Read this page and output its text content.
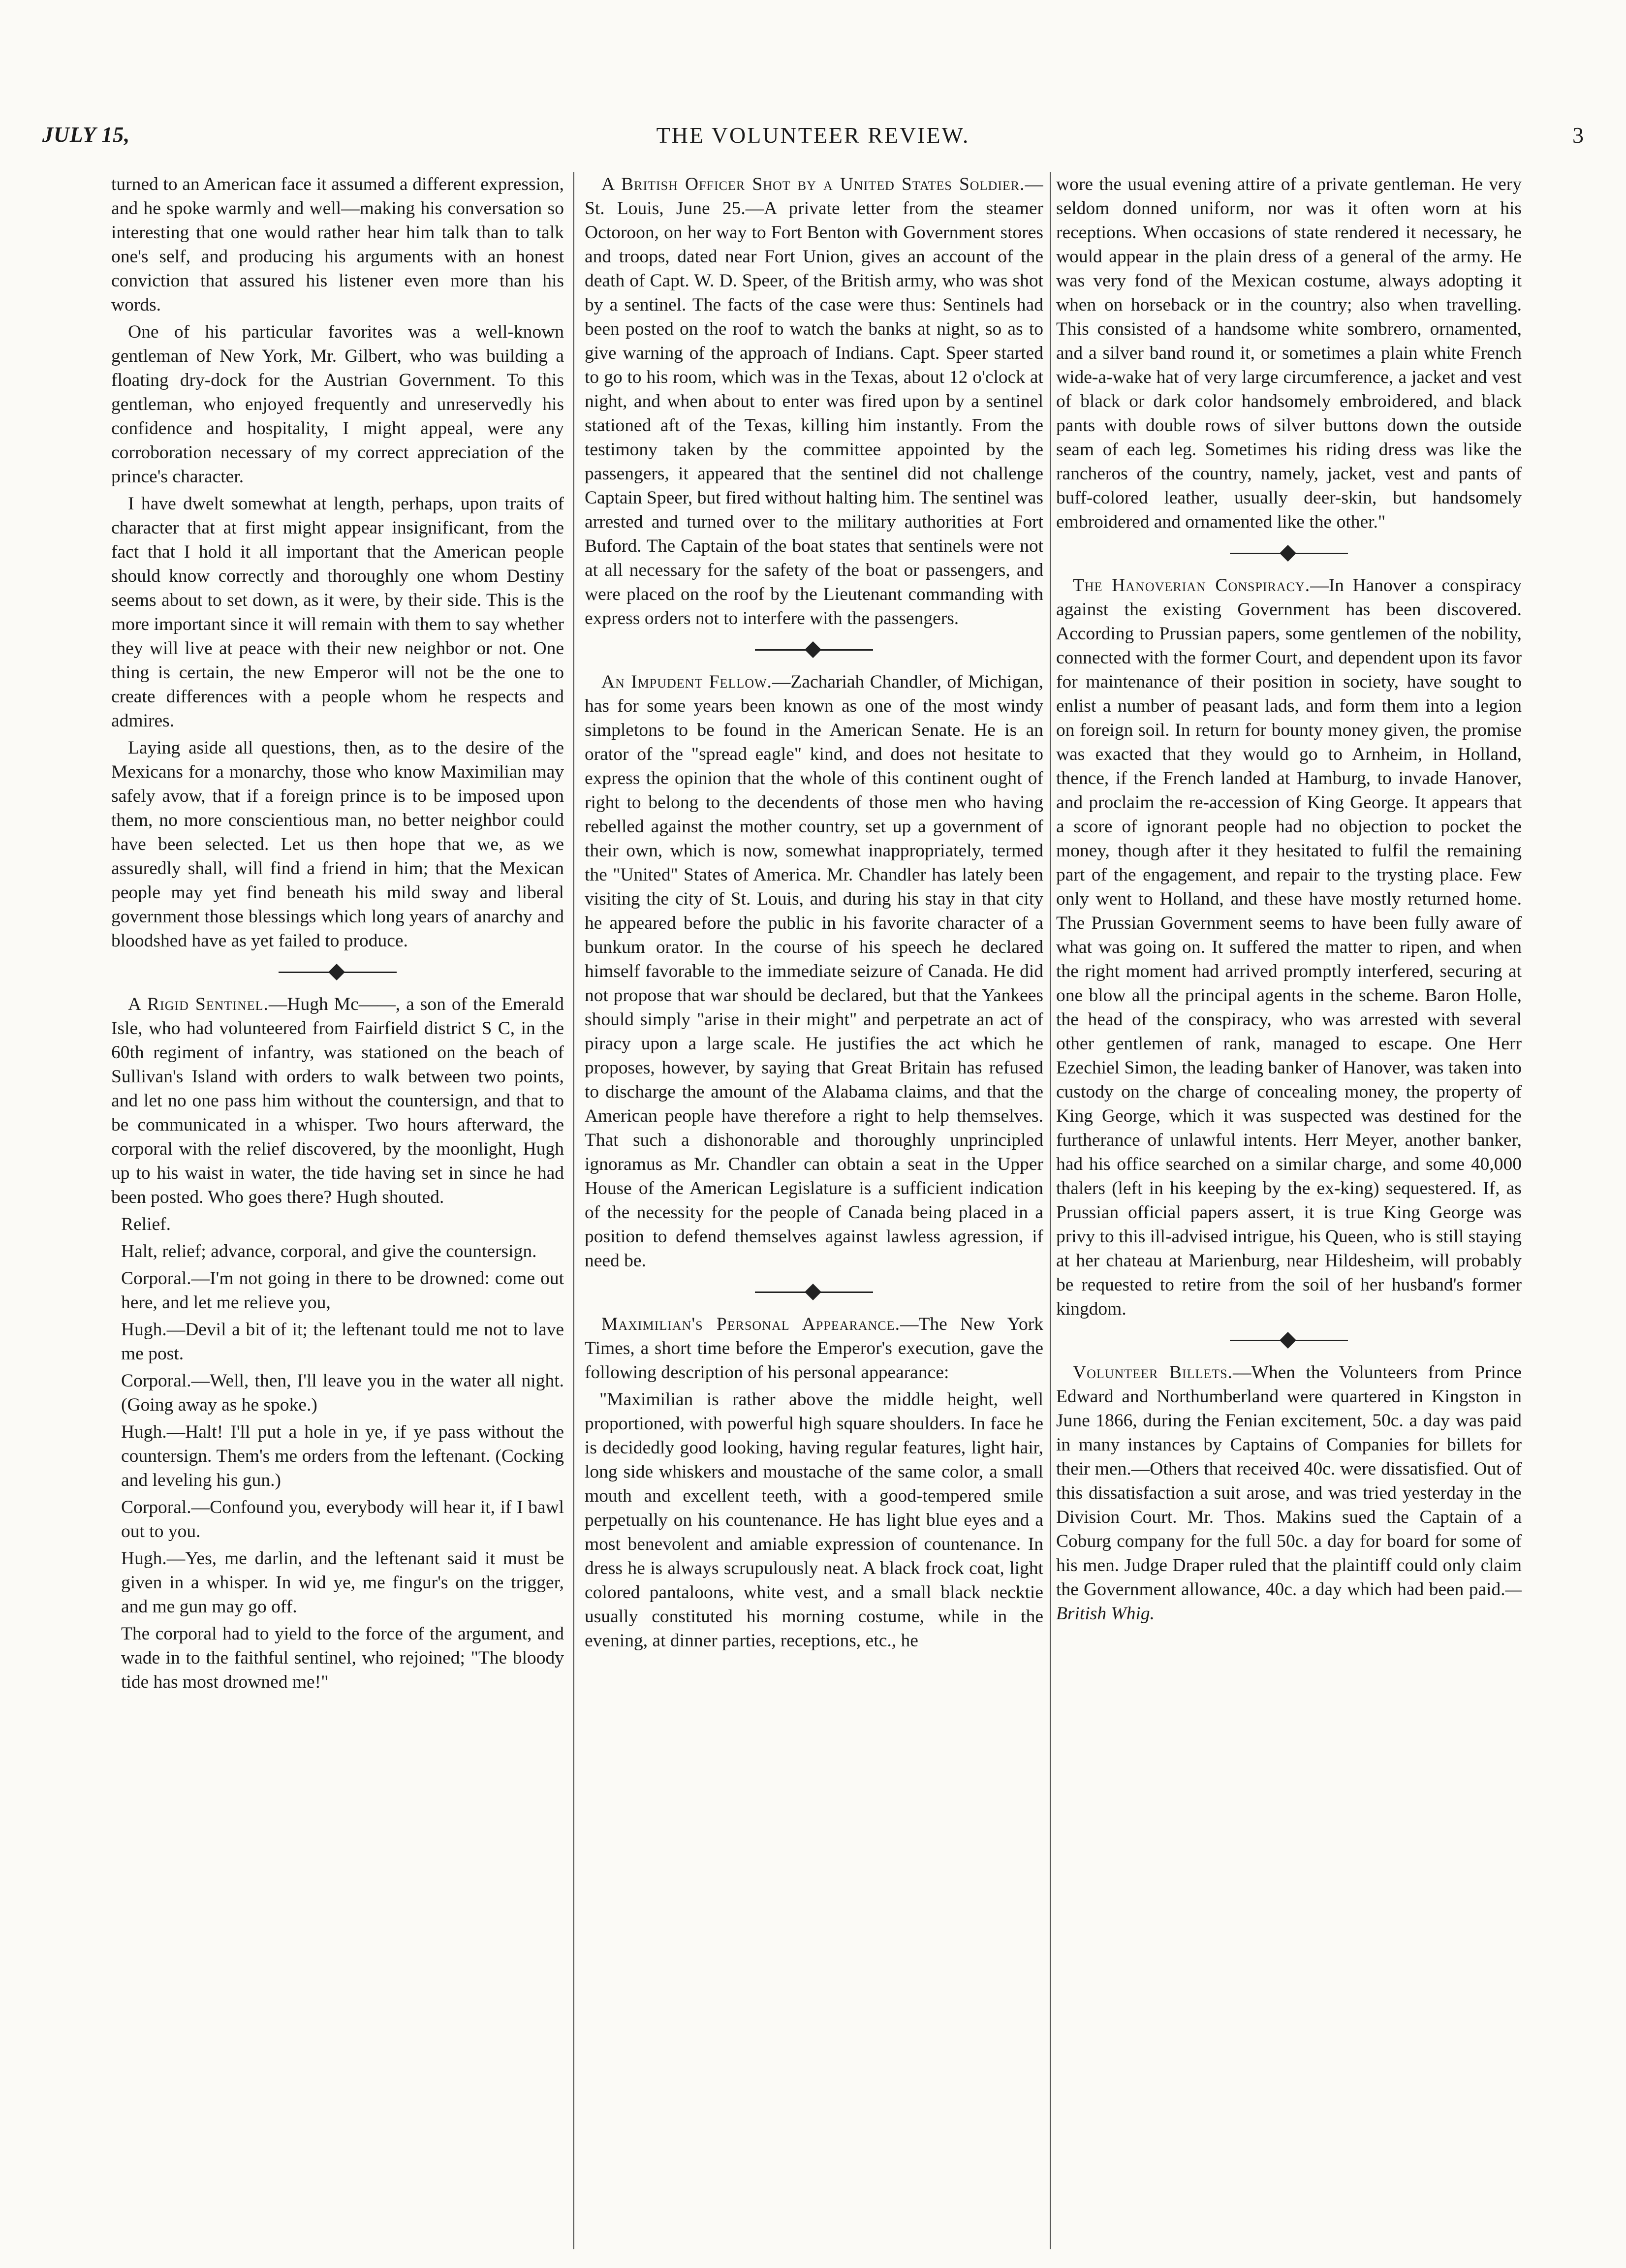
JULY 15,	THE VOLUNTEER REVIEW.	3

turned to an American face it assumed a different expression, and he spoke warmly and well—making his conversation so interesting that one would rather hear him talk than to talk one's self, and producing his arguments with an honest conviction that assured his listener even more than his words.

One of his particular favorites was a well-known gentleman of New York, Mr. Gilbert, who was building a floating dry-dock for the Austrian Government. To this gentleman, who enjoyed frequently and unreservedly his confidence and hospitality, I might appeal, were any corroboration necessary of my correct appreciation of the prince's character.

I have dwelt somewhat at length, perhaps, upon traits of character that at first might appear insignificant, from the fact that I hold it all important that the American people should know correctly and thoroughly one whom Destiny seems about to set down, as it were, by their side. This is the more important since it will remain with them to say whether they will live at peace with their new neighbor or not. One thing is certain, the new Emperor will not be the one to create differences with a people whom he respects and admires.

Laying aside all questions, then, as to the desire of the Mexicans for a monarchy, those who know Maximilian may safely avow, that if a foreign prince is to be imposed upon them, no more conscientious man, no better neighbor could have been selected. Let us then hope that we, as we assuredly shall, will find a friend in him; that the Mexican people may yet find beneath his mild sway and liberal government those blessings which long years of anarchy and bloodshed have as yet failed to produce.

A Rigid Sentinel.—Hugh Mc——, a son of the Emerald Isle, who had volunteered from Fairfield district S C, in the 60th regiment of infantry, was stationed on the beach of Sullivan's Island with orders to walk between two points, and let no one pass him without the countersign, and that to be communicated in a whisper. Two hours afterward, the corporal with the relief discovered, by the moonlight, Hugh up to his waist in water, the tide having set in since he had been posted. Who goes there? Hugh shouted.

Relief.

Halt, relief; advance, corporal, and give the countersign.

Corporal.—I'm not going in there to be drowned: come out here, and let me relieve you,

Hugh.—Devil a bit of it; the leftenant tould me not to lave me post.

Corporal.—Well, then, I'll leave you in the water all night. (Going away as he spoke.)

Hugh.—Halt! I'll put a hole in ye, if ye pass without the countersign. Them's me orders from the leftenant. (Cocking and leveling his gun.)

Corporal.—Confound you, everybody will hear it, if I bawl out to you.

Hugh.—Yes, me darlin, and the leftenant said it must be given in a whisper. In wid ye, me fingur's on the trigger, and me gun may go off.

The corporal had to yield to the force of the argument, and wade in to the faithful sentinel, who rejoined; "The bloody tide has most drowned me!"

A British Officer Shot by a United States Soldier.—St. Louis, June 25.—A private letter from the steamer Octoroon, on her way to Fort Benton with Government stores and troops, dated near Fort Union, gives an account of the death of Capt. W. D. Speer, of the British army, who was shot by a sentinel. The facts of the case were thus: Sentinels had been posted on the roof to watch the banks at night, so as to give warning of the approach of Indians. Capt. Speer started to go to his room, which was in the Texas, about 12 o'clock at night, and when about to enter was fired upon by a sentinel stationed aft of the Texas, killing him instantly. From the testimony taken by the committee appointed by the passengers, it appeared that the sentinel did not challenge Captain Speer, but fired without halting him. The sentinel was arrested and turned over to the military authorities at Fort Buford. The Captain of the boat states that sentinels were not at all necessary for the safety of the boat or passengers, and were placed on the roof by the Lieutenant commanding with express orders not to interfere with the passengers.

An Impudent Fellow.—Zachariah Chandler, of Michigan, has for some years been known as one of the most windy simpletons to be found in the American Senate. He is an orator of the "spread eagle" kind, and does not hesitate to express the opinion that the whole of this continent ought of right to belong to the decendents of those men who having rebelled against the mother country, set up a government of their own, which is now, somewhat inappropriately, termed the "United" States of America. Mr. Chandler has lately been visiting the city of St. Louis, and during his stay in that city he appeared before the public in his favorite character of a bunkum orator. In the course of his speech he declared himself favorable to the immediate seizure of Canada. He did not propose that war should be declared, but that the Yankees should simply "arise in their might" and perpetrate an act of piracy upon a large scale. He justifies the act which he proposes, however, by saying that Great Britain has refused to discharge the amount of the Alabama claims, and that the American people have therefore a right to help themselves. That such a dishonorable and thoroughly unprincipled ignoramus as Mr. Chandler can obtain a seat in the Upper House of the American Legislature is a sufficient indication of the necessity for the people of Canada being placed in a position to defend themselves against lawless agression, if need be.

Maximilian's Personal Appearance.—The New York Times, a short time before the Emperor's execution, gave the following description of his personal appearance:

"Maximilian is rather above the middle height, well proportioned, with powerful high square shoulders. In face he is decidedly good looking, having regular features, light hair, long side whiskers and moustache of the same color, a small mouth and excellent teeth, with a good-tempered smile perpetually on his countenance. He has light blue eyes and a most benevolent and amiable expression of countenance. In dress he is always scrupulously neat. A black frock coat, light colored pantaloons, white vest, and a small black necktie usually constituted his morning costume, while in the evening, at dinner parties, receptions, etc., he

wore the usual evening attire of a private gentleman. He very seldom donned uniform, nor was it often worn at his receptions. When occasions of state rendered it necessary, he would appear in the plain dress of a general of the army. He was very fond of the Mexican costume, always adopting it when on horseback or in the country; also when travelling. This consisted of a handsome white sombrero, ornamented, and a silver band round it, or sometimes a plain white French wide-a-wake hat of very large circumference, a jacket and vest of black or dark color handsomely embroidered, and black pants with double rows of silver buttons down the outside seam of each leg. Sometimes his riding dress was like the rancheros of the country, namely, jacket, vest and pants of buff-colored leather, usually deer-skin, but handsomely embroidered and ornamented like the other."

The Hanoverian Conspiracy.—In Hanover a conspiracy against the existing Government has been discovered. According to Prussian papers, some gentlemen of the nobility, connected with the former Court, and dependent upon its favor for maintenance of their position in society, have sought to enlist a number of peasant lads, and form them into a legion on foreign soil. In return for bounty money given, the promise was exacted that they would go to Arnheim, in Holland, thence, if the French landed at Hamburg, to invade Hanover, and proclaim the re-accession of King George. It appears that a score of ignorant people had no objection to pocket the money, though after it they hesitated to fulfil the remaining part of the engagement, and repair to the trysting place. Few only went to Holland, and these have mostly returned home. The Prussian Government seems to have been fully aware of what was going on. It suffered the matter to ripen, and when the right moment had arrived promptly interfered, securing at one blow all the principal agents in the scheme. Baron Holle, the head of the conspiracy, who was arrested with several other gentlemen of rank, managed to escape. One Herr Ezechiel Simon, the leading banker of Hanover, was taken into custody on the charge of concealing money, the property of King George, which it was suspected was destined for the furtherance of unlawful intents. Herr Meyer, another banker, had his office searched on a similar charge, and some 40,000 thalers (left in his keeping by the ex-king) sequestered. If, as Prussian official papers assert, it is true King George was privy to this ill-advised intrigue, his Queen, who is still staying at her chateau at Marienburg, near Hildesheim, will probably be requested to retire from the soil of her husband's former kingdom.

Volunteer Billets.—When the Volunteers from Prince Edward and Northumberland were quartered in Kingston in June 1866, during the Fenian excitement, 50c. a day was paid in many instances by Captains of Companies for billets for their men.—Others that received 40c. were dissatisfied. Out of this dissatisfaction a suit arose, and was tried yesterday in the Division Court. Mr. Thos. Makins sued the Captain of a Coburg company for the full 50c. a day for board for some of his men. Judge Draper ruled that the plaintiff could only claim the Government allowance, 40c. a day which had been paid.—British Whig.
